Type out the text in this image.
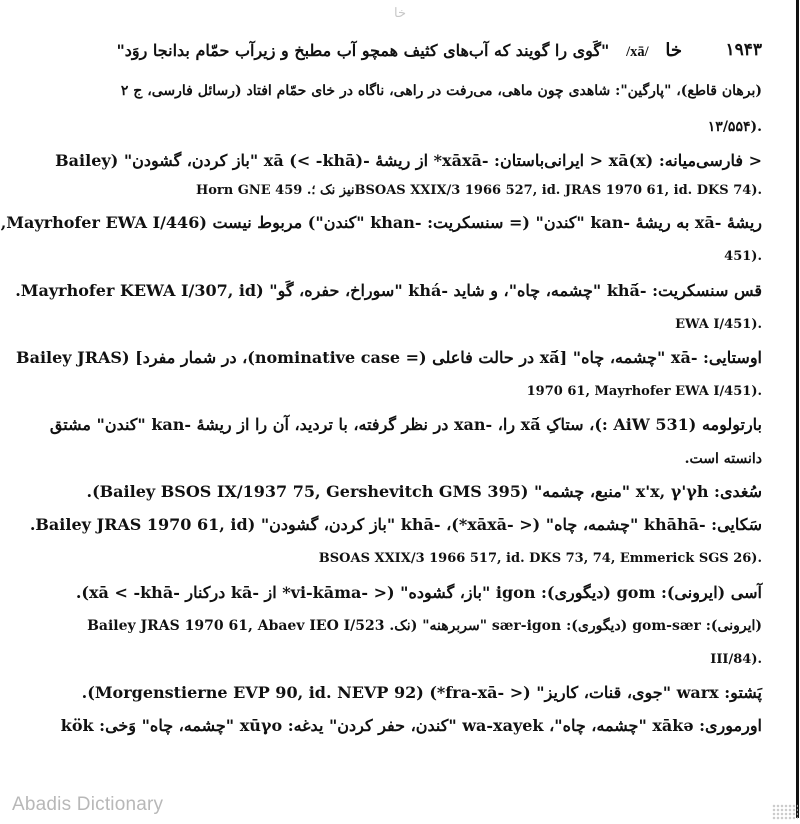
خا
۱۹۴۳
خا   /xā/   "گَوی را گویند که آب‌های کثیف همچو آب مطبخ و زیرآب حمّام بدانجا روَد"
(برهان قاطع)، "پارگین": شاهدی چون ماهی، می‌رفت در راهی، ناگاه در خای حمّام افتاد (رسائل فارسی، ج ۲
۱۳/۵۵۴).
< فارسی‌میانه: xā(x) < ایرانی‌باستان: -xāxā* از ریشهٔ -xā (< -khā) "باز کردن، گشودن" (Bailey
Horn GNE 459 .نیز نک ؛BSOAS XXIX/3 1966 527, id. JRAS 1970 61, id. DKS 74).
ریشهٔ -xā به ریشهٔ -kan "کندن" (= سنسکریت: -khan "کندن") مربوط نیست (Mayrhofer EWA I/446,
451).
قس سنسکریت: -khā́ "چشمه، چاه"، و شاید -khá "سوراخ، حفره، گَو" (Mayrhofer KEWA I/307, id.
EWA I/451).
اوستایی: -xā "چشمه، چاه" [xā́ در حالت فاعلی (= nominative case)، در شمار مفرد] (Bailey JRAS
1970 61, Mayrhofer EWA I/451).
بارتولومه (AiW 531 :)، ستاکِ xā́ را، -xan در نظر گرفته، با تردید، آن را از ریشهٔ -kan "کندن" مشتق
دانسته است.
سُغدی: x'x, γ'γh "منبع، چشمه" (Bailey BSOS IX/1937 75, Gershevitch GMS 395).
سَکایی: -khāhā "چشمه، چاه" (< -xāxā*)، -khā "باز کردن، گشودن" (Bailey JRAS 1970 61, id.
BSOAS XXIX/3 1966 517, id. DKS 73, 74, Emmerick SGS 26).
آسی (ایرونی): gom (دیگوری): igon "باز، گشوده" (< -vi-kāma* از -kā درکنار -xā < -khā).
(ایرونی): gom-sær (دیگوری): sær-igon "سربرهنه" (نک. Bailey JRAS 1970 61, Abaev IEO I/523
III/84).
پَشتو: warx "جوی، قنات، کاریز" (< -fra-xā*) (Morgenstierne EVP 90, id. NEVP 92).
اورموری: xākə "چشمه، چاه"، wa-xayek "کندن، حفر کردن" یدغه: xūγo "چشمه، چاه" وَخی: kök
Abadis Dictionary
